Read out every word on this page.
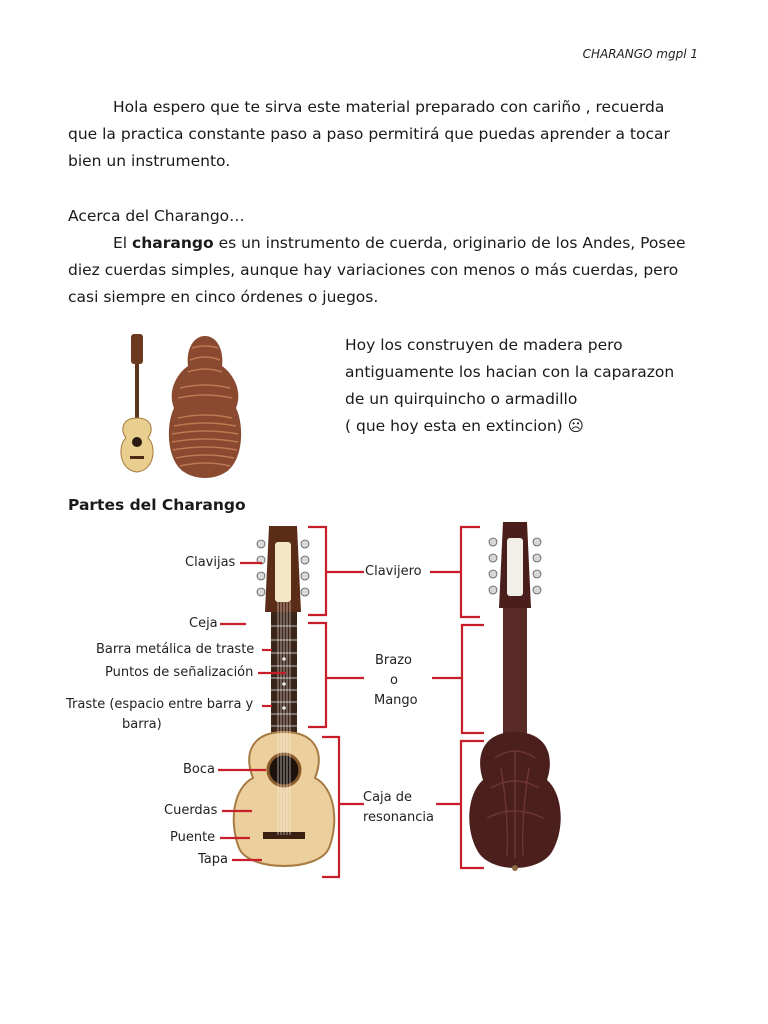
CHARANGO mgpl 1
Hola espero que te sirva este material preparado con cariño , recuerda
que la practica constante paso a paso permitirá que puedas aprender a tocar
bien un instrumento.
Acerca del Charango…
El charango es un instrumento de cuerda, originario de los Andes, Posee
diez cuerdas simples, aunque hay variaciones con menos o más cuerdas, pero
casi siempre en cinco órdenes o juegos.
Hoy los construyen de madera pero
antiguamente los hacian con la caparazon
de un quirquincho o armadillo
( que hoy esta en extincion) ☹
Partes del Charango
Clavijas
Ceja
Barra metálica de traste
Puntos de señalización
Traste (espacio entre barra y
barra)
Boca
Cuerdas
Puente
Tapa
Clavijero
Brazo
o
Mango
Caja de
resonancia
